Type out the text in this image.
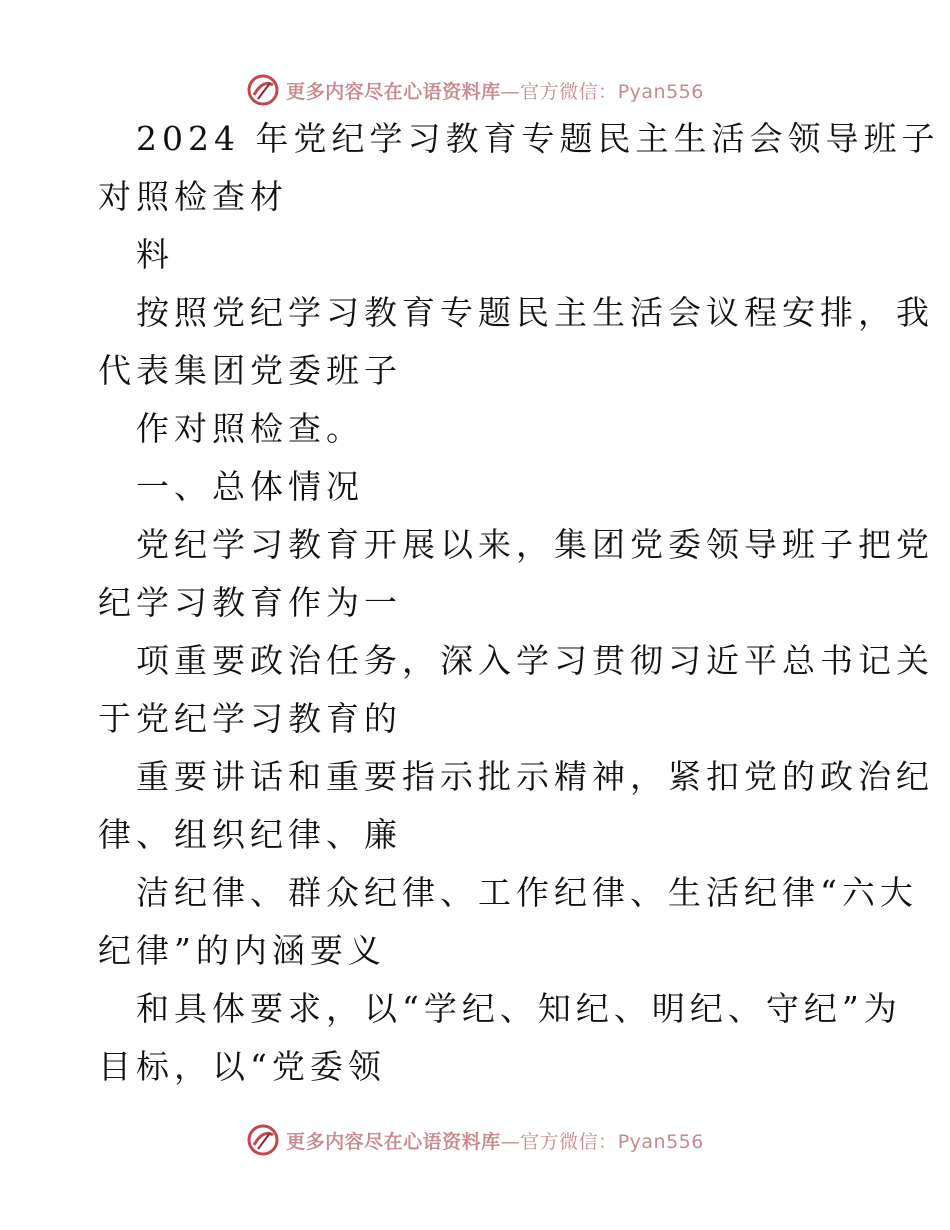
更多内容尽在心语资料库—官方微信：Pyan556

2024 年党纪学习教育专题民主生活会领导班子

对照检查材

料

按照党纪学习教育专题民主生活会议程安排，我

代表集团党委班子

作对照检查。

一、总体情况

党纪学习教育开展以来，集团党委领导班子把党

纪学习教育作为一

项重要政治任务，深入学习贯彻习近平总书记关

于党纪学习教育的

重要讲话和重要指示批示精神，紧扣党的政治纪

律、组织纪律、廉

洁纪律、群众纪律、工作纪律、生活纪律“六大

纪律”的内涵要义

和具体要求，以“学纪、知纪、明纪、守纪”为

目标，以“党委领

更多内容尽在心语资料库—官方微信：Pyan556
